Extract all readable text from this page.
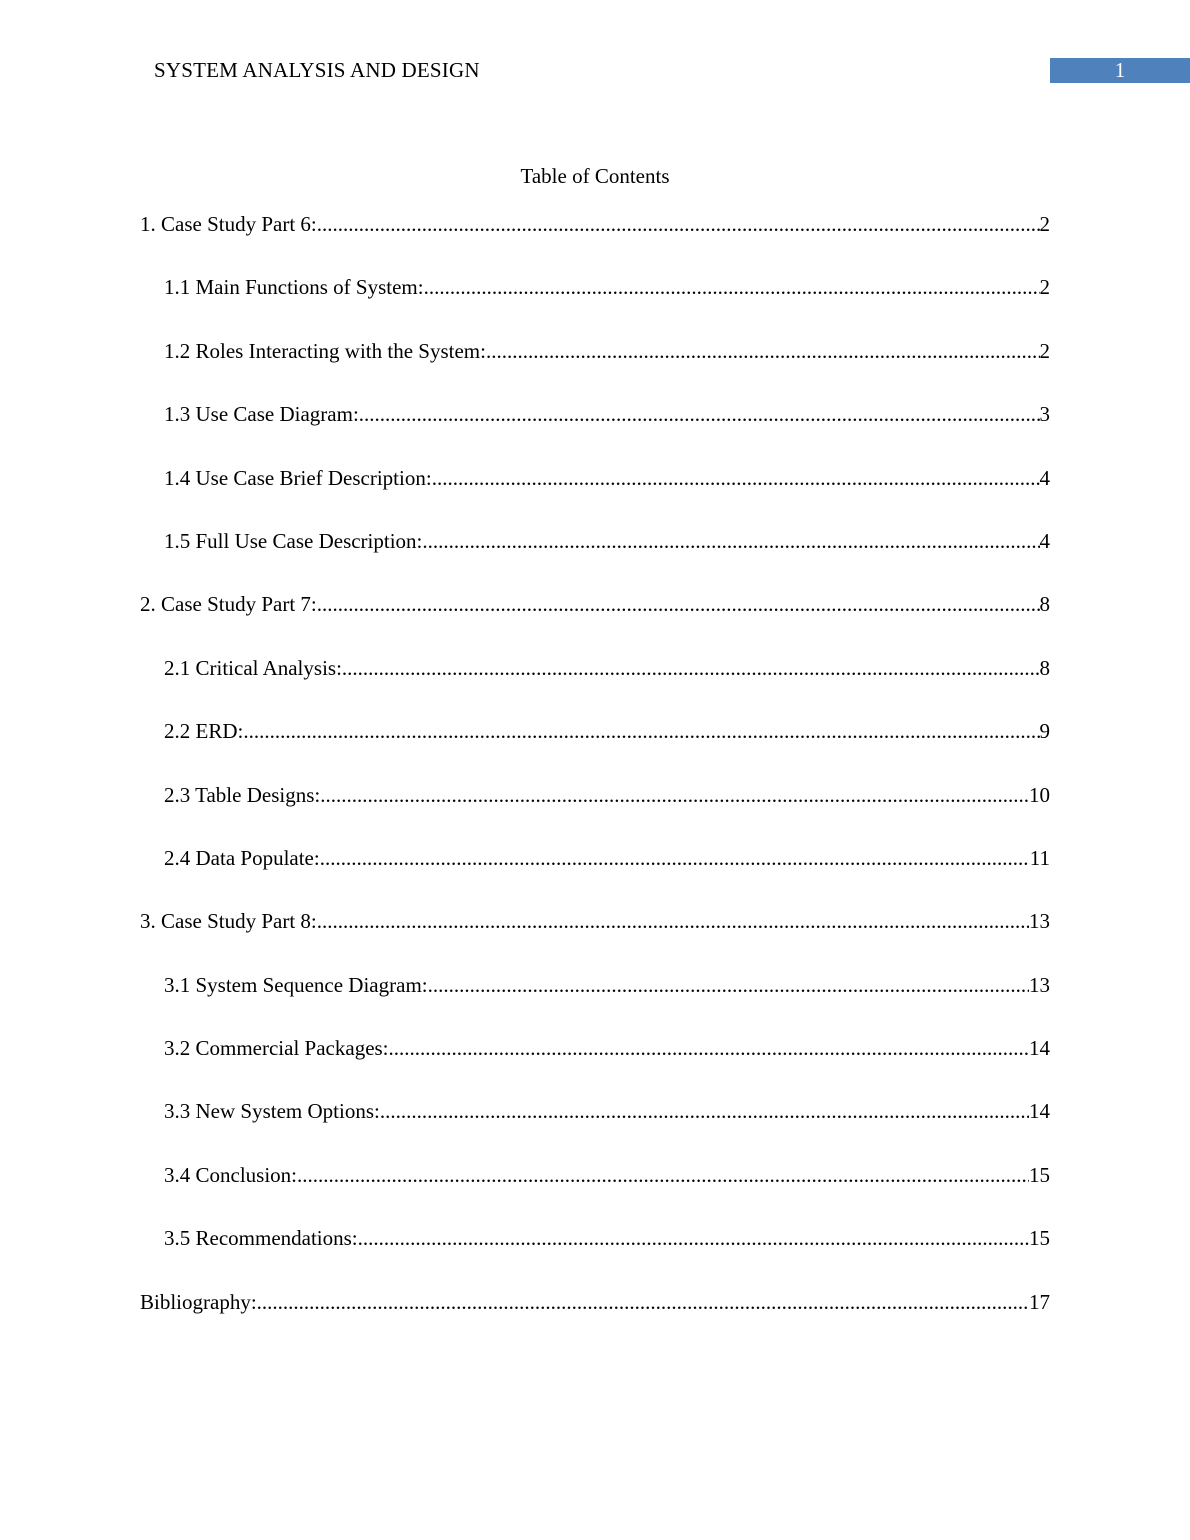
SYSTEM ANALYSIS AND DESIGN	1
Table of Contents
1. Case Study Part 6: .....	2
1.1 Main Functions of System: .....	2
1.2 Roles Interacting with the System: .....	2
1.3 Use Case Diagram: .....	3
1.4 Use Case Brief Description: .....	4
1.5 Full Use Case Description: .....	4
2. Case Study Part 7: .....	8
2.1 Critical Analysis: .....	8
2.2 ERD: .....	9
2.3 Table Designs: .....	10
2.4 Data Populate: .....	11
3. Case Study Part 8: .....	13
3.1 System Sequence Diagram: .....	13
3.2 Commercial Packages: .....	14
3.3 New System Options: .....	14
3.4 Conclusion: .....	15
3.5 Recommendations: .....	15
Bibliography: .....	17
